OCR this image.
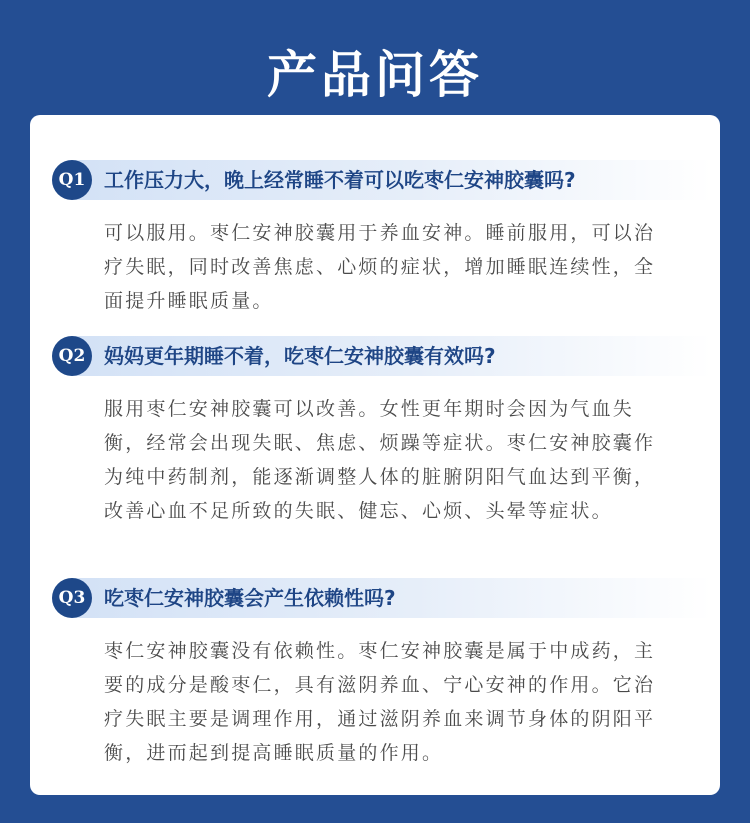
产品问答
Q1 工作压力大，晚上经常睡不着可以吃枣仁安神胶囊吗?
可以服用。枣仁安神胶囊用于养血安神。睡前服用，可以治疗失眠，同时改善焦虑、心烦的症状，增加睡眠连续性，全面提升睡眠质量。
Q2 妈妈更年期睡不着，吃枣仁安神胶囊有效吗?
服用枣仁安神胶囊可以改善。女性更年期时会因为气血失衡，经常会出现失眠、焦虑、烦躁等症状。枣仁安神胶囊作为纯中药制剂，能逐渐调整人体的脏腑阴阳气血达到平衡，改善心血不足所致的失眠、健忘、心烦、头晕等症状。
Q3 吃枣仁安神胶囊会产生依赖性吗?
枣仁安神胶囊没有依赖性。枣仁安神胶囊是属于中成药，主要的成分是酸枣仁，具有滋阴养血、宁心安神的作用。它治疗失眠主要是调理作用，通过滋阴养血来调节身体的阴阳平衡，进而起到提高睡眠质量的作用。
